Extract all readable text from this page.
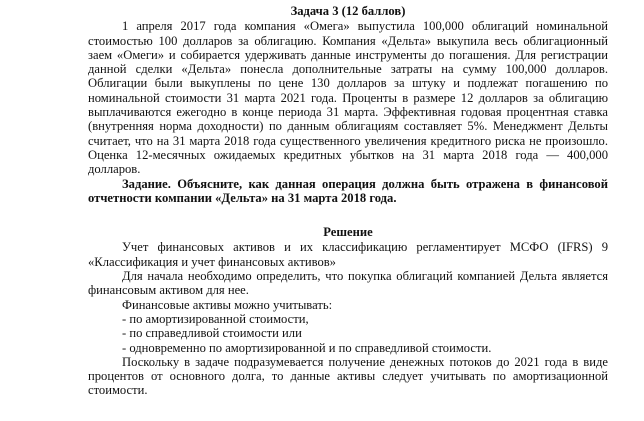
Задача 3 (12 баллов)

1 апреля 2017 года компания «Омега» выпустила 100,000 облигаций номинальной стоимостью 100 долларов за облигацию. Компания «Дельта» выкупила весь облигационный заем «Омеги» и собирается удерживать данные инструменты до погашения. Для регистрации данной сделки «Дельта» понесла дополнительные затраты на сумму 100,000 долларов. Облигации были выкуплены по цене 130 долларов за штуку и подлежат погашению по номинальной стоимости 31 марта 2021 года. Проценты в размере 12 долларов за облигацию выплачиваются ежегодно в конце периода 31 марта. Эффективная годовая процентная ставка (внутренняя норма доходности) по данным облигациям составляет 5%. Менеджмент Дельты считает, что на 31 марта 2018 года существенного увеличения кредитного риска не произошло. Оценка 12-месячных ожидаемых кредитных убытков на 31 марта 2018 года — 400,000 долларов.

Задание. Объясните, как данная операция должна быть отражена в финансовой отчетности компании «Дельта» на 31 марта 2018 года.

Решение

Учет финансовых активов и их классификацию регламентирует МСФО (IFRS) 9 «Классификация и учет финансовых активов»

Для начала необходимо определить, что покупка облигаций компанией Дельта является финансовым активом для нее.

Финансовые активы можно учитывать:

- по амортизированной стоимости,

- по справедливой стоимости или

- одновременно по амортизированной и по справедливой стоимости.

Поскольку в задаче подразумевается получение денежных потоков до 2021 года в виде процентов от основного долга, то данные активы следует учитывать по амортизационной стоимости.
